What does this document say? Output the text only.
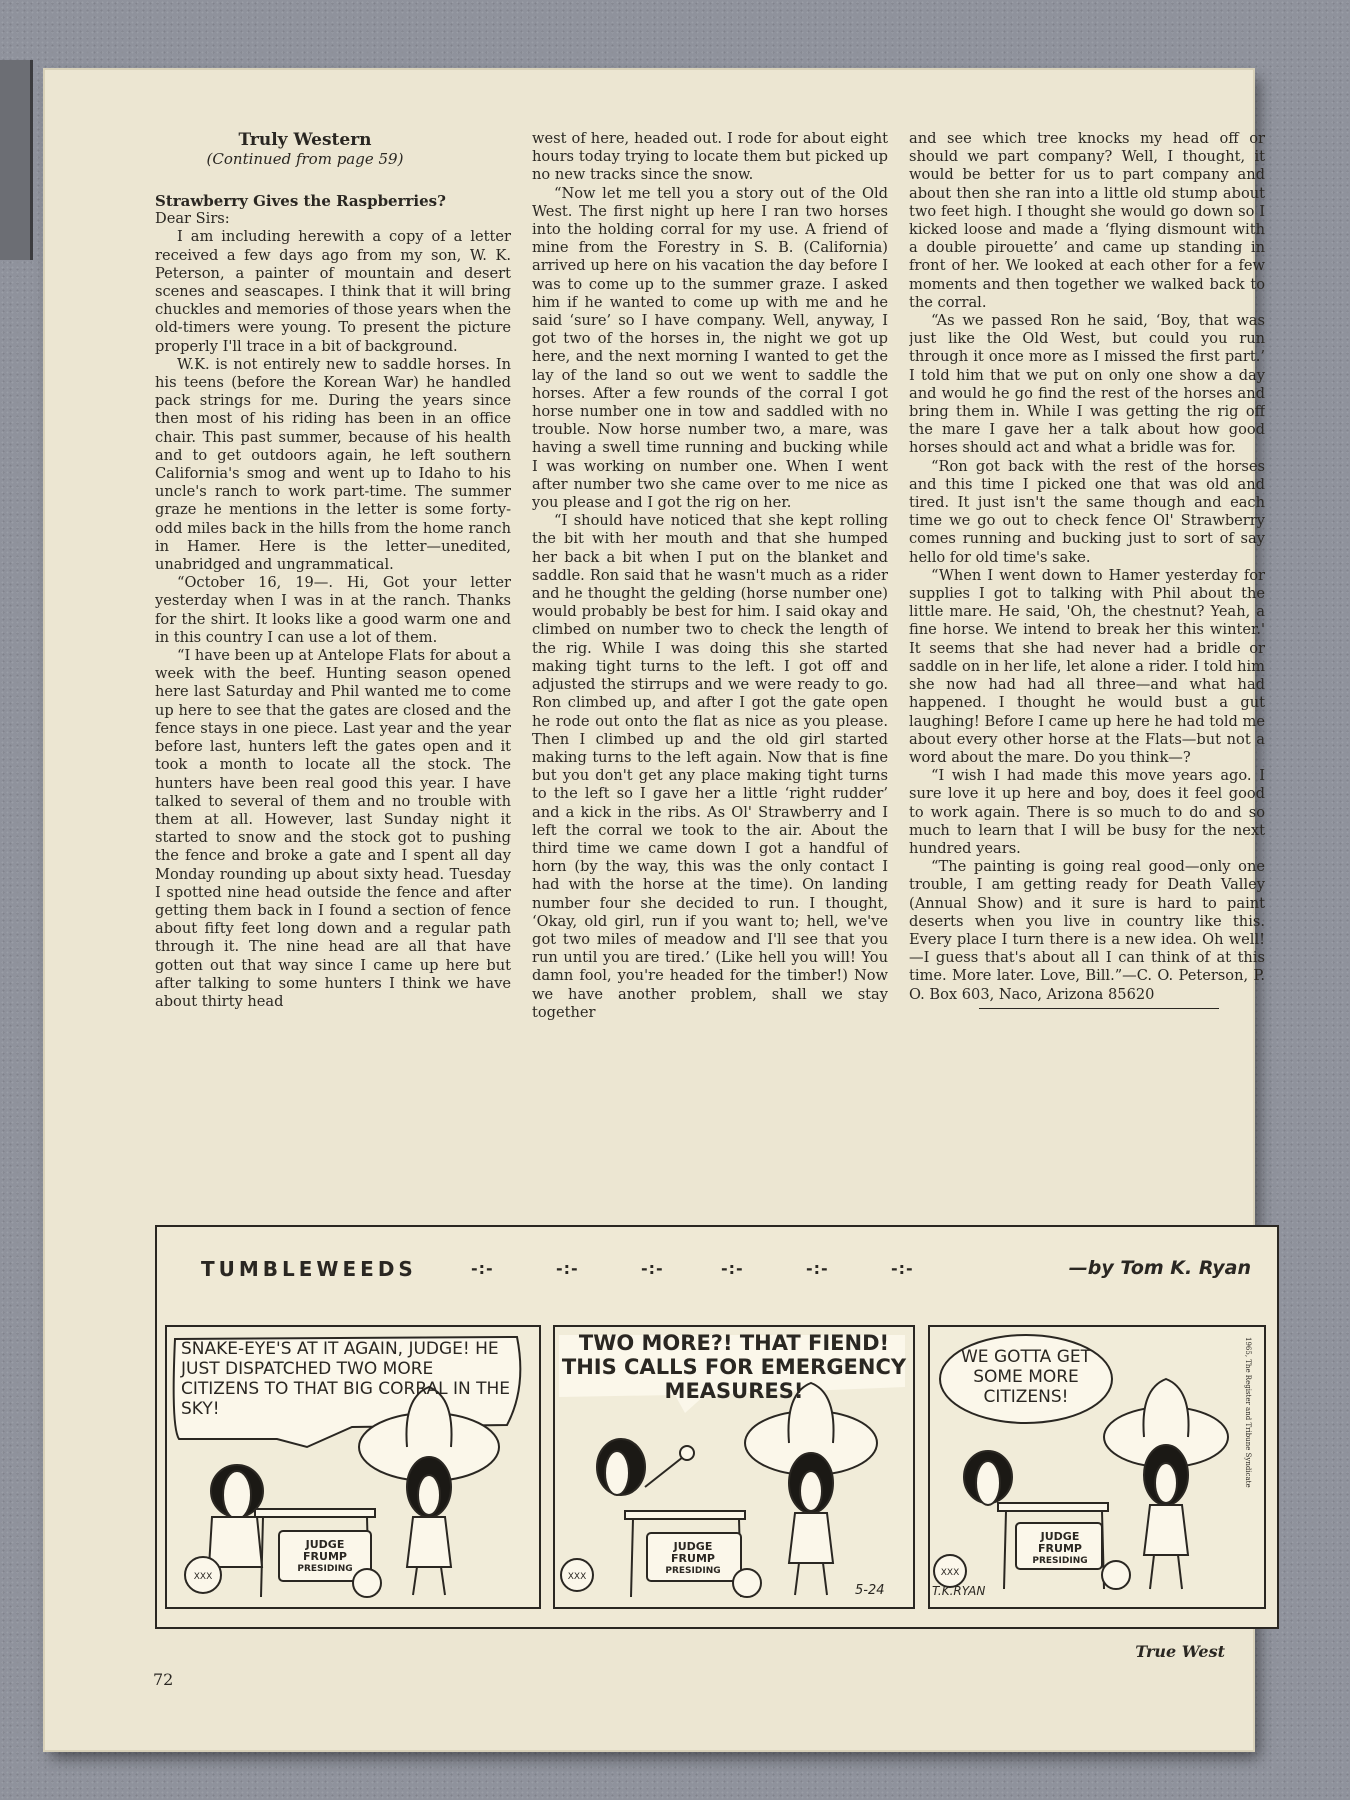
Truly Western
(Continued from page 59)

Strawberry Gives the Raspberries?

Dear Sirs:

I am including herewith a copy of a letter received a few days ago from my son, W. K. Peterson, a painter of mountain and desert scenes and seascapes. I think that it will bring chuckles and memories of those years when the old-timers were young. To present the picture properly I'll trace in a bit of background.

W.K. is not entirely new to saddle horses. In his teens (before the Korean War) he handled pack strings for me. During the years since then most of his riding has been in an office chair. This past summer, because of his health and to get outdoors again, he left southern California's smog and went up to Idaho to his uncle's ranch to work part-time. The summer graze he mentions in the letter is some forty-odd miles back in the hills from the home ranch in Hamer. Here is the letter—unedited, unabridged and ungrammatical.

“October 16, 19—. Hi, Got your letter yesterday when I was in at the ranch. Thanks for the shirt. It looks like a good warm one and in this country I can use a lot of them.

“I have been up at Antelope Flats for about a week with the beef. Hunting season opened here last Saturday and Phil wanted me to come up here to see that the gates are closed and the fence stays in one piece. Last year and the year before last, hunters left the gates open and it took a month to locate all the stock. The hunters have been real good this year. I have talked to several of them and no trouble with them at all. However, last Sunday night it started to snow and the stock got to pushing the fence and broke a gate and I spent all day Monday rounding up about sixty head. Tuesday I spotted nine head outside the fence and after getting them back in I found a section of fence about fifty feet long down and a regular path through it. The nine head are all that have gotten out that way since I came up here but after talking to some hunters I think we have about thirty head

west of here, headed out. I rode for about eight hours today trying to locate them but picked up no new tracks since the snow.

“Now let me tell you a story out of the Old West. The first night up here I ran two horses into the holding corral for my use. A friend of mine from the Forestry in S. B. (California) arrived up here on his vacation the day before I was to come up to the summer graze. I asked him if he wanted to come up with me and he said ‘sure’ so I have company. Well, anyway, I got two of the horses in, the night we got up here, and the next morning I wanted to get the lay of the land so out we went to saddle the horses. After a few rounds of the corral I got horse number one in tow and saddled with no trouble. Now horse number two, a mare, was having a swell time running and bucking while I was working on number one. When I went after number two she came over to me nice as you please and I got the rig on her.

“I should have noticed that she kept rolling the bit with her mouth and that she humped her back a bit when I put on the blanket and saddle. Ron said that he wasn't much as a rider and he thought the gelding (horse number one) would probably be best for him. I said okay and climbed on number two to check the length of the rig. While I was doing this she started making tight turns to the left. I got off and adjusted the stirrups and we were ready to go. Ron climbed up, and after I got the gate open he rode out onto the flat as nice as you please. Then I climbed up and the old girl started making turns to the left again. Now that is fine but you don't get any place making tight turns to the left so I gave her a little ‘right rudder’ and a kick in the ribs. As Ol' Strawberry and I left the corral we took to the air. About the third time we came down I got a handful of horn (by the way, this was the only contact I had with the horse at the time). On landing number four she decided to run. I thought, ‘Okay, old girl, run if you want to; hell, we've got two miles of meadow and I'll see that you run until you are tired.’ (Like hell you will! You damn fool, you're headed for the timber!) Now we have another problem, shall we stay together

and see which tree knocks my head off or should we part company? Well, I thought, it would be better for us to part company and about then she ran into a little old stump about two feet high. I thought she would go down so I kicked loose and made a ‘flying dismount with a double pirouette’ and came up standing in front of her. We looked at each other for a few moments and then together we walked back to the corral.

“As we passed Ron he said, ‘Boy, that was just like the Old West, but could you run through it once more as I missed the first part.’ I told him that we put on only one show a day and would he go find the rest of the horses and bring them in. While I was getting the rig off the mare I gave her a talk about how good horses should act and what a bridle was for.

“Ron got back with the rest of the horses and this time I picked one that was old and tired. It just isn't the same though and each time we go out to check fence Ol' Strawberry comes running and bucking just to sort of say hello for old time's sake.

“When I went down to Hamer yesterday for supplies I got to talking with Phil about the little mare. He said, 'Oh, the chestnut? Yeah, a fine horse. We intend to break her this winter.' It seems that she had never had a bridle or saddle on in her life, let alone a rider. I told him she now had had all three—and what had happened. I thought he would bust a gut laughing! Before I came up here he had told me about every other horse at the Flats—but not a word about the mare. Do you think—?

“I wish I had made this move years ago. I sure love it up here and boy, does it feel good to work again. There is so much to do and so much to learn that I will be busy for the next hundred years.

“The painting is going real good—only one trouble, I am getting ready for Death Valley (Annual Show) and it sure is hard to paint deserts when you live in country like this. Every place I turn there is a new idea. Oh well!—I guess that's about all I can think of at this time. More later. Love, Bill.”—C. O. Peterson, P. O. Box 603, Naco, Arizona 85620

TUMBLEWEEDS	-:-	-:-	-:-	-:-	-:-	-:-	—by Tom K. Ryan
SNAKE-EYE'S AT IT AGAIN, JUDGE! HE JUST DISPATCHED TWO MORE CITIZENS TO THAT BIG CORRAL IN THE SKY!
JUDGE
FRUMP
PRESIDING
XXX
TWO MORE?! THAT FIEND! THIS CALLS FOR EMERGENCY MEASURES!
JUDGE
FRUMP
PRESIDING
XXX
5-24
WE GOTTA GET SOME MORE CITIZENS!
JUDGE
FRUMP
PRESIDING
XXX
T.K.RYAN
1965, The Register and Tribune Syndicate
True West
72
